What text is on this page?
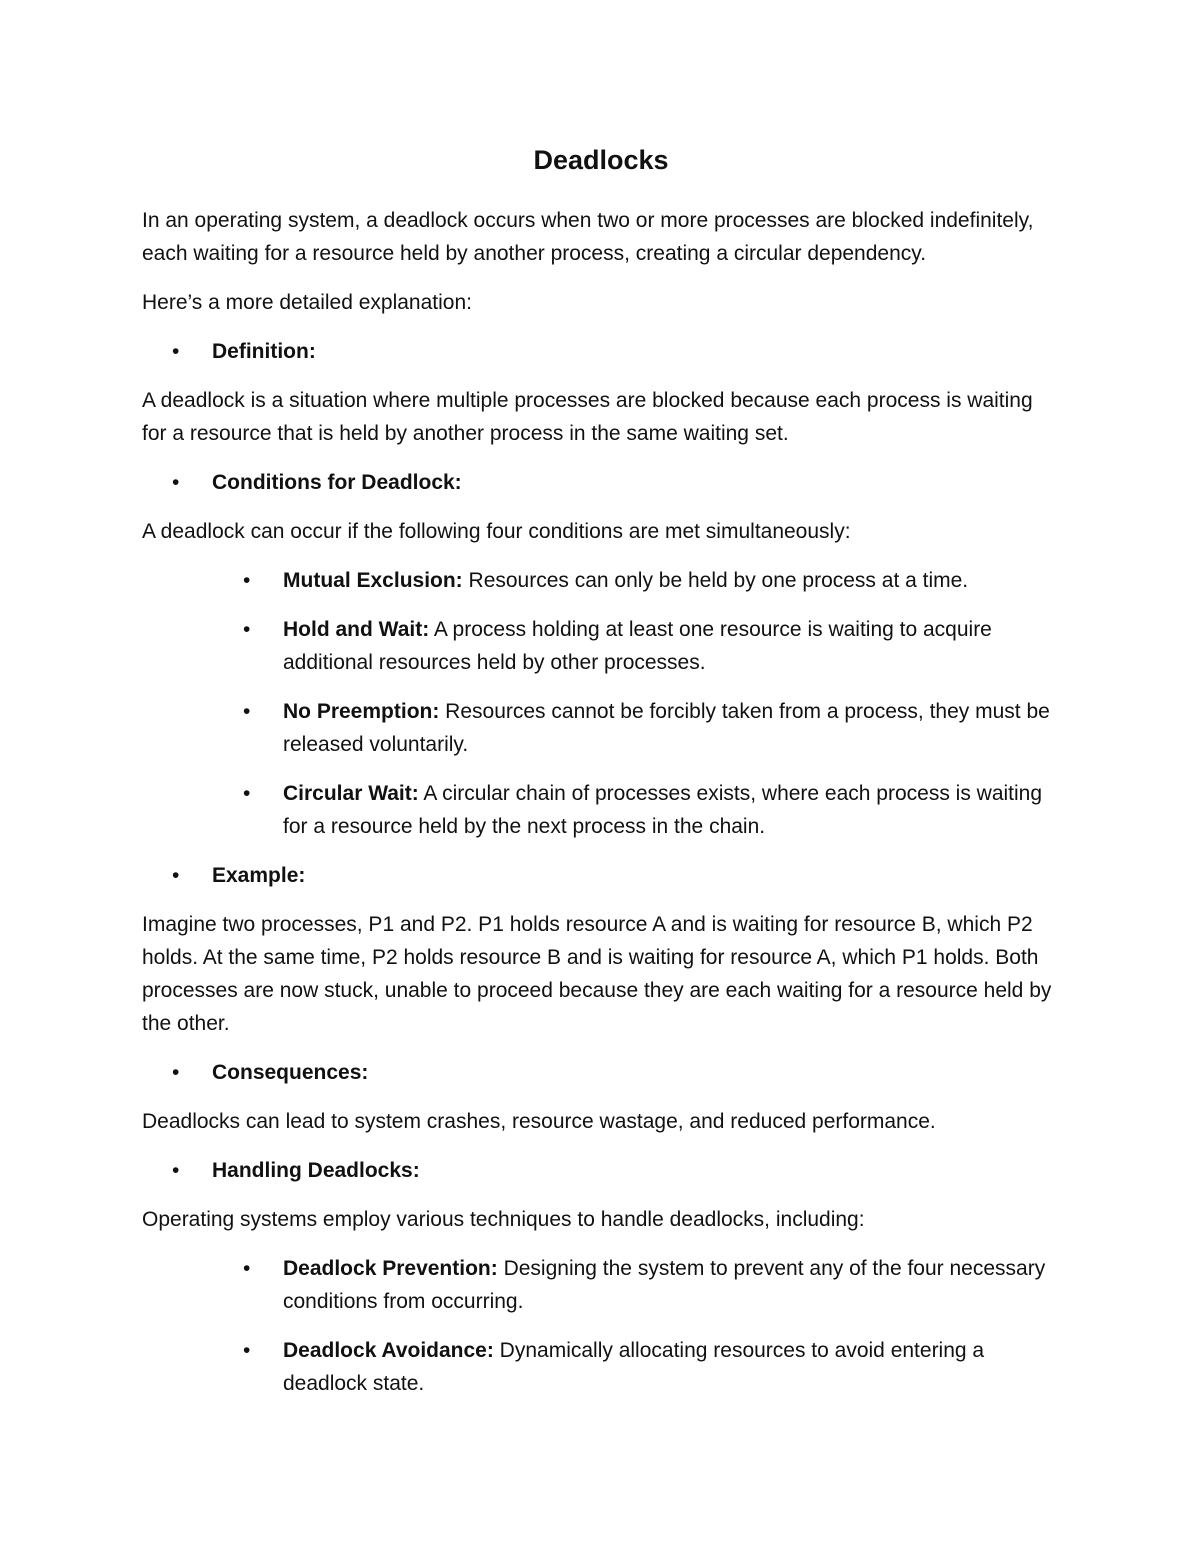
Deadlocks

In an operating system, a deadlock occurs when two or more processes are blocked indefinitely, each waiting for a resource held by another process, creating a circular dependency.

Here’s a more detailed explanation:

• Definition:

A deadlock is a situation where multiple processes are blocked because each process is waiting for a resource that is held by another process in the same waiting set.

• Conditions for Deadlock:

A deadlock can occur if the following four conditions are met simultaneously:

• Mutual Exclusion: Resources can only be held by one process at a time.
• Hold and Wait: A process holding at least one resource is waiting to acquire additional resources held by other processes.
• No Preemption: Resources cannot be forcibly taken from a process, they must be released voluntarily.
• Circular Wait: A circular chain of processes exists, where each process is waiting for a resource held by the next process in the chain.
• Example:

Imagine two processes, P1 and P2. P1 holds resource A and is waiting for resource B, which P2 holds. At the same time, P2 holds resource B and is waiting for resource A, which P1 holds. Both processes are now stuck, unable to proceed because they are each waiting for a resource held by the other.

• Consequences:

Deadlocks can lead to system crashes, resource wastage, and reduced performance.

• Handling Deadlocks:

Operating systems employ various techniques to handle deadlocks, including:

• Deadlock Prevention: Designing the system to prevent any of the four necessary conditions from occurring.
• Deadlock Avoidance: Dynamically allocating resources to avoid entering a deadlock state.
